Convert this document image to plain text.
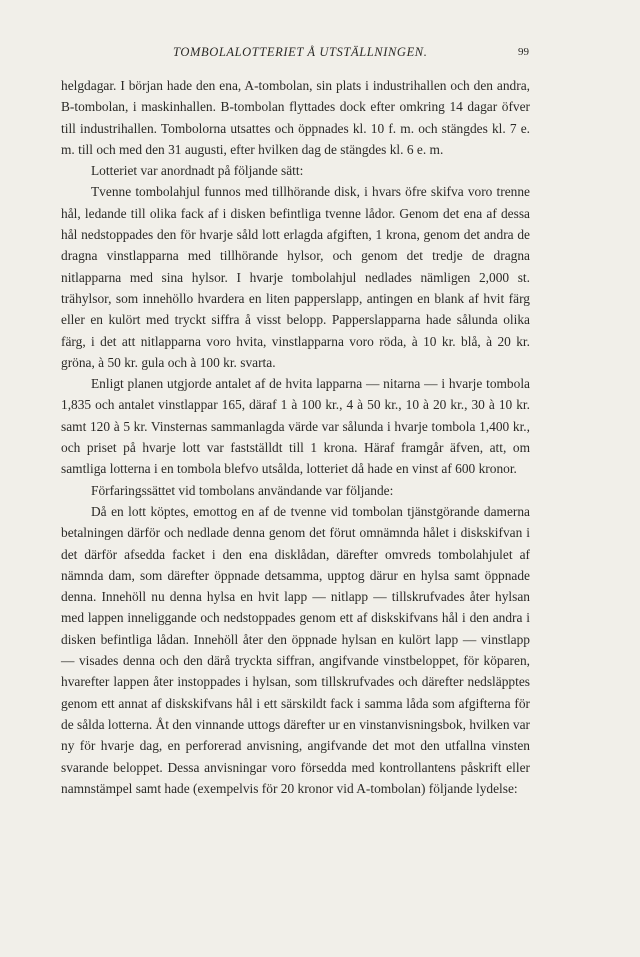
TOMBOLALOTTERIET Å UTSTÄLLNINGEN.	99

helgdagar. I början hade den ena, A-tombolan, sin plats i industrihallen och den andra, B-tombolan, i maskinhallen. B-tombolan flyttades dock efter omkring 14 dagar öfver till industrihallen. Tombolorna utsattes och öppnades kl. 10 f. m. och stängdes kl. 7 e. m. till och med den 31 augusti, efter hvilken dag de stängdes kl. 6 e. m.

Lotteriet var anordnadt på följande sätt:

Tvenne tombolahjul funnos med tillhörande disk, i hvars öfre skifva voro trenne hål, ledande till olika fack af i disken befintliga tvenne lådor. Genom det ena af dessa hål nedstoppades den för hvarje såld lott erlagda afgiften, 1 krona, genom det andra de dragna vinstlapparna med tillhörande hylsor, och genom det tredje de dragna nitlapparna med sina hylsor. I hvarje tombolahjul nedlades nämligen 2,000 st. trähylsor, som innehöllo hvardera en liten papperslapp, antingen en blank af hvit färg eller en kulört med tryckt siffra å visst belopp. Papperslapparna hade sålunda olika färg, i det att nitlapparna voro hvita, vinstlapparna voro röda, à 10 kr. blå, à 20 kr. gröna, à 50 kr. gula och à 100 kr. svarta.

Enligt planen utgjorde antalet af de hvita lapparna — nitarna — i hvarje tombola 1,835 och antalet vinstlappar 165, däraf 1 à 100 kr., 4 à 50 kr., 10 à 20 kr., 30 à 10 kr. samt 120 à 5 kr. Vinsternas sammanlagda värde var sålunda i hvarje tombola 1,400 kr., och priset på hvarje lott var fastställdt till 1 krona. Häraf framgår äfven, att, om samtliga lotterna i en tombola blefvo utsålda, lotteriet då hade en vinst af 600 kronor.

Förfaringssättet vid tombolans användande var följande:

Då en lott köptes, emottog en af de tvenne vid tombolan tjänstgörande damerna betalningen därför och nedlade denna genom det förut omnämnda hålet i diskskifvan i det därför afsedda facket i den ena disklådan, därefter omvreds tombolahjulet af nämnda dam, som därefter öppnade detsamma, upptog därur en hylsa samt öppnade denna. Innehöll nu denna hylsa en hvit lapp — nitlapp — tillskrufvades åter hylsan med lappen inneliggande och nedstoppades genom ett af diskskifvans hål i den andra i disken befintliga lådan. Innehöll åter den öppnade hylsan en kulört lapp — vinstlapp — visades denna och den därå tryckta siffran, angifvande vinstbeloppet, för köparen, hvarefter lappen åter instoppades i hylsan, som tillskrufvades och därefter nedsläpptes genom ett annat af diskskifvans hål i ett särskildt fack i samma låda som afgifterna för de sålda lotterna. Åt den vinnande uttogs därefter ur en vinstanvisningsbok, hvilken var ny för hvarje dag, en perforerad anvisning, angifvande det mot den utfallna vinsten svarande beloppet. Dessa anvisningar voro försedda med kontrollantens påskrift eller namnstämpel samt hade (exempelvis för 20 kronor vid A-tombolan) följande lydelse:
